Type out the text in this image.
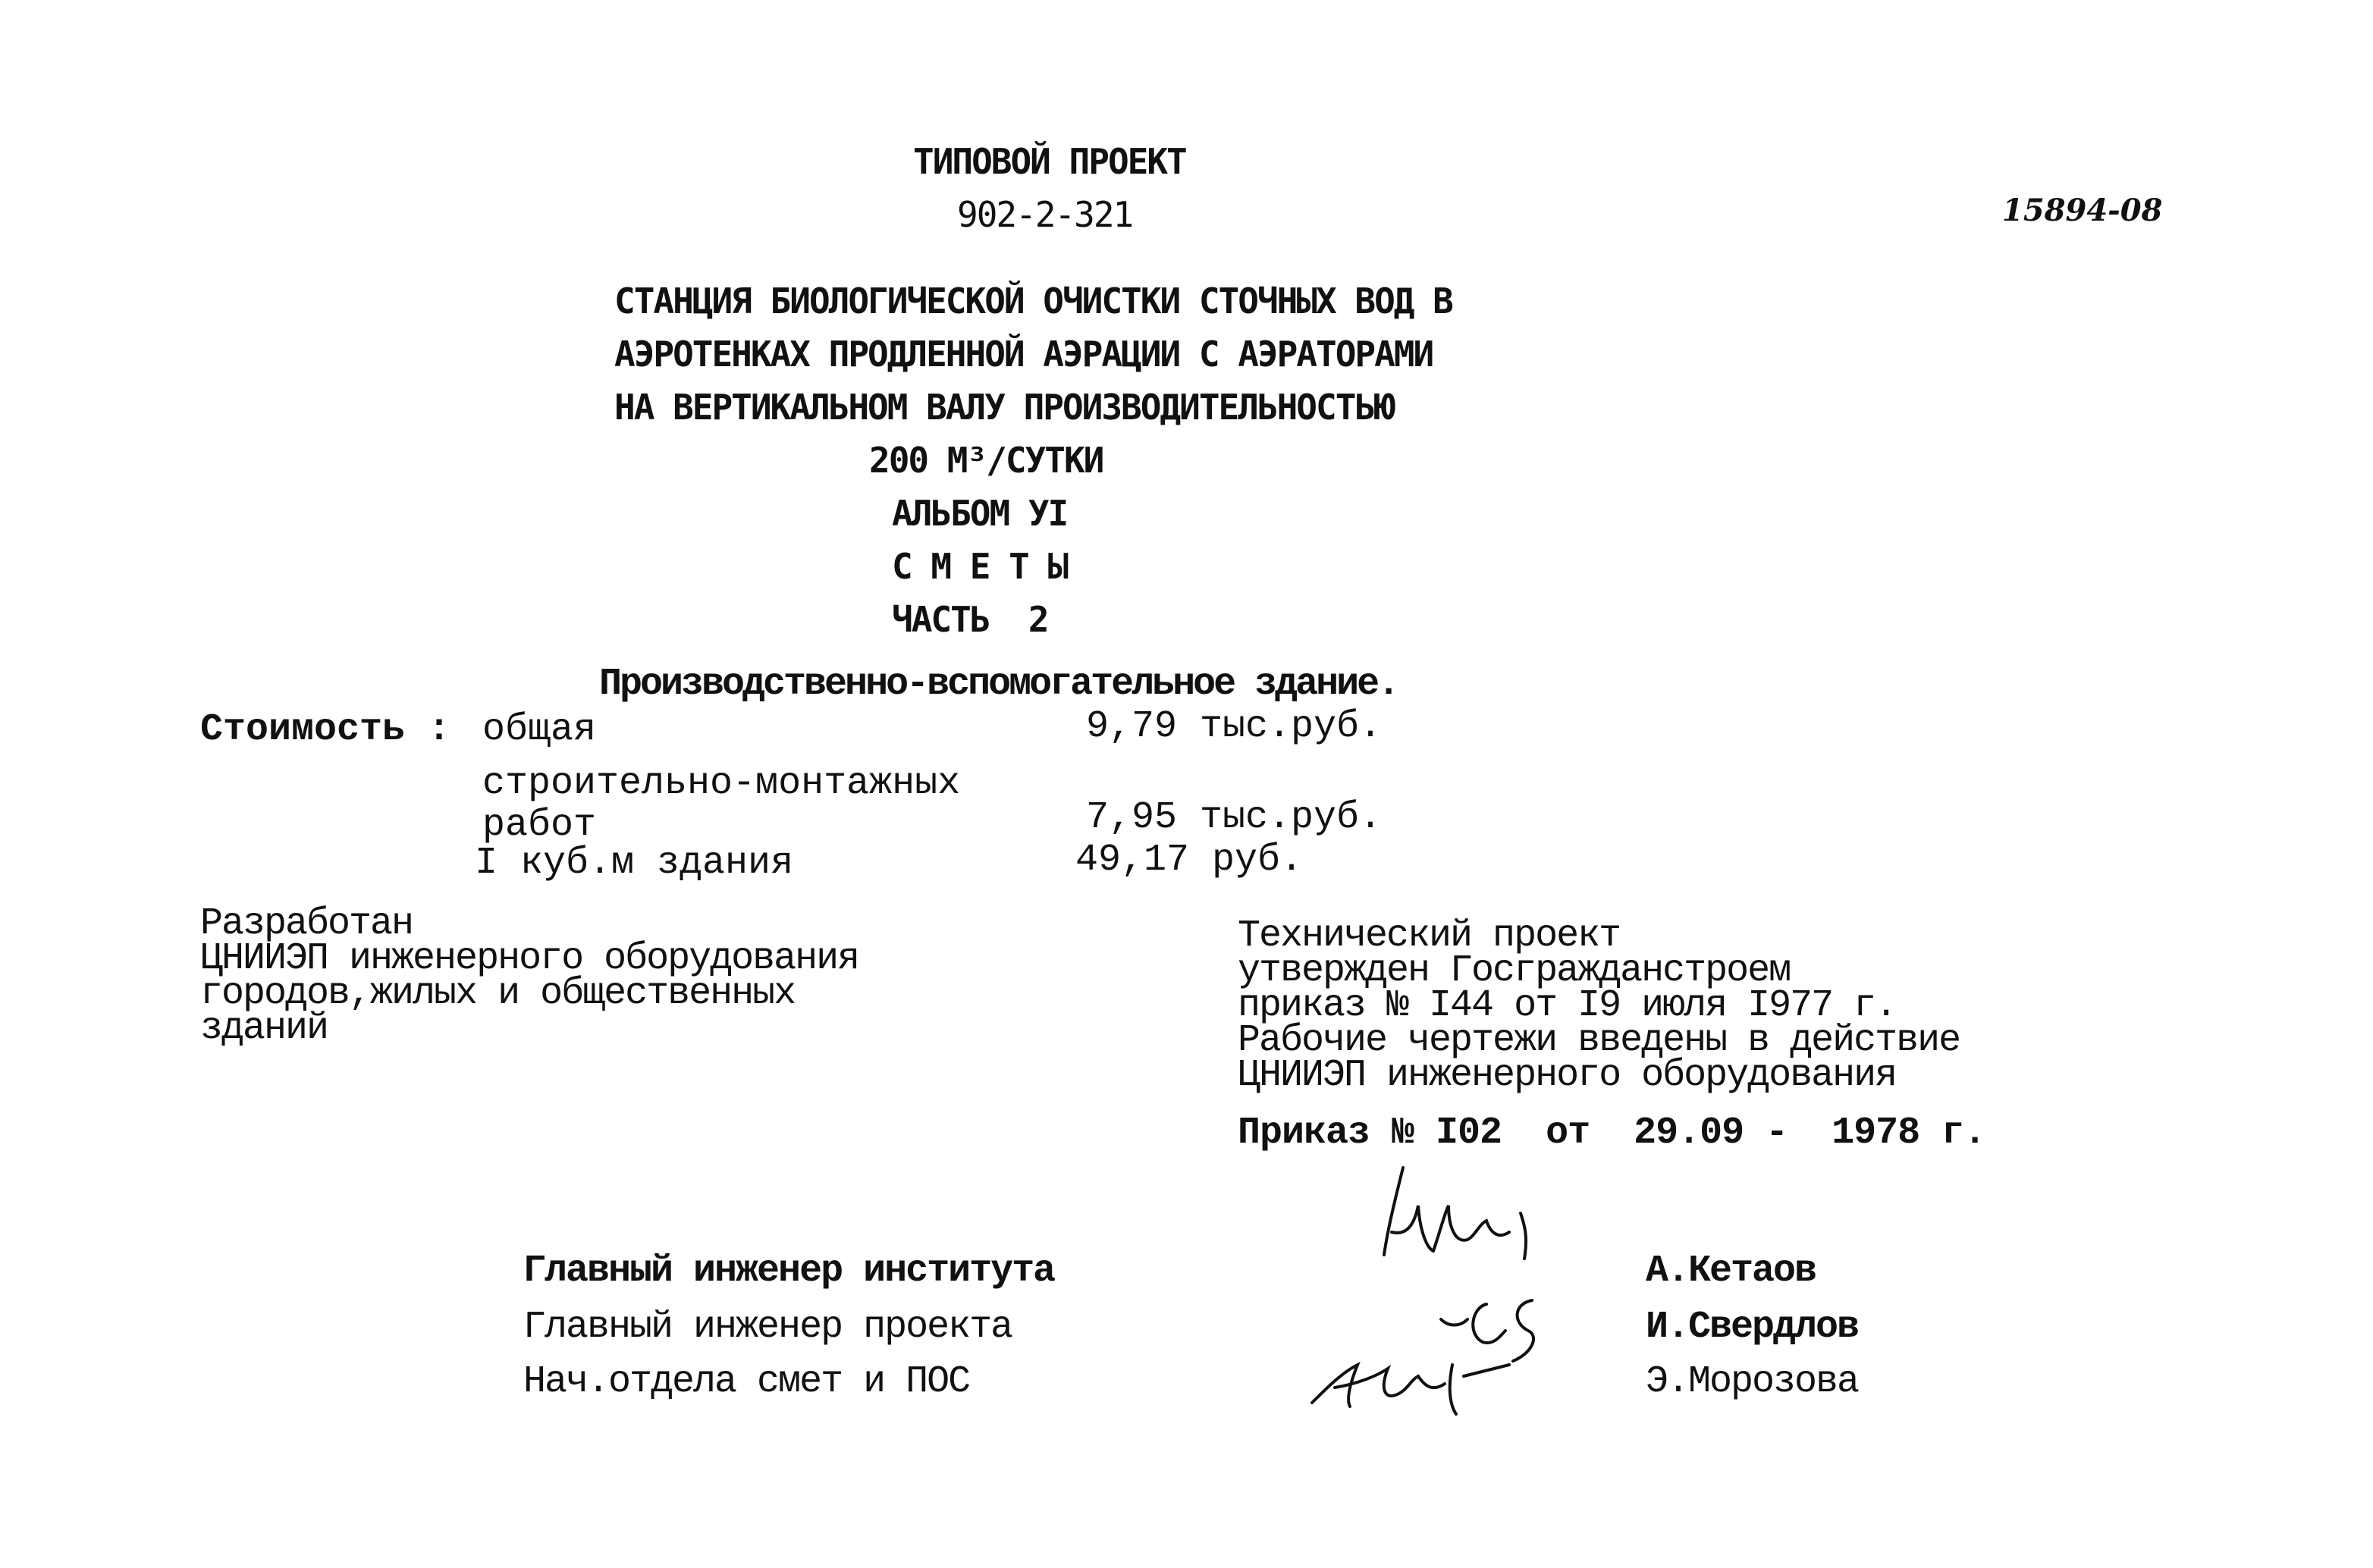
15894-08
ТИПОВОЙ ПРОЕКТ
902-2-321
СТАНЦИЯ БИОЛОГИЧЕСКОЙ ОЧИСТКИ СТОЧНЫХ ВОД В
АЭРОТЕНКАХ ПРОДЛЕННОЙ АЭРАЦИИ С АЭРАТОРАМИ
НА ВЕРТИКАЛЬНОМ ВАЛУ ПРОИЗВОДИТЕЛЬНОСТЬЮ
200 М³/СУТКИ
АЛЬБОМ УI
С М Е Т Ы
ЧАСТЬ  2
Производственно-вспомогательное здание.
Стоимость : общая	9,79 тыс.руб.
строительно-монтажных
работ	7,95 тыс.руб.
I куб.м здания	49,17 руб.
Разработан
ЦНИИЭП инженерного оборудования
городов,жилых и общественных
зданий
Технический проект
утвержден Госгражданстроем
приказ № I44 от I9 июля I977 г.
Рабочие чертежи введены в действие
ЦНИИЭП инженерного оборудования
Приказ № I02  от  29.09 -  1978 г.
Главный инженер института	А.Кетаов
Главный инженер проекта	И.Свердлов
Нач.отдела смет и ПОС	Э.Морозова
